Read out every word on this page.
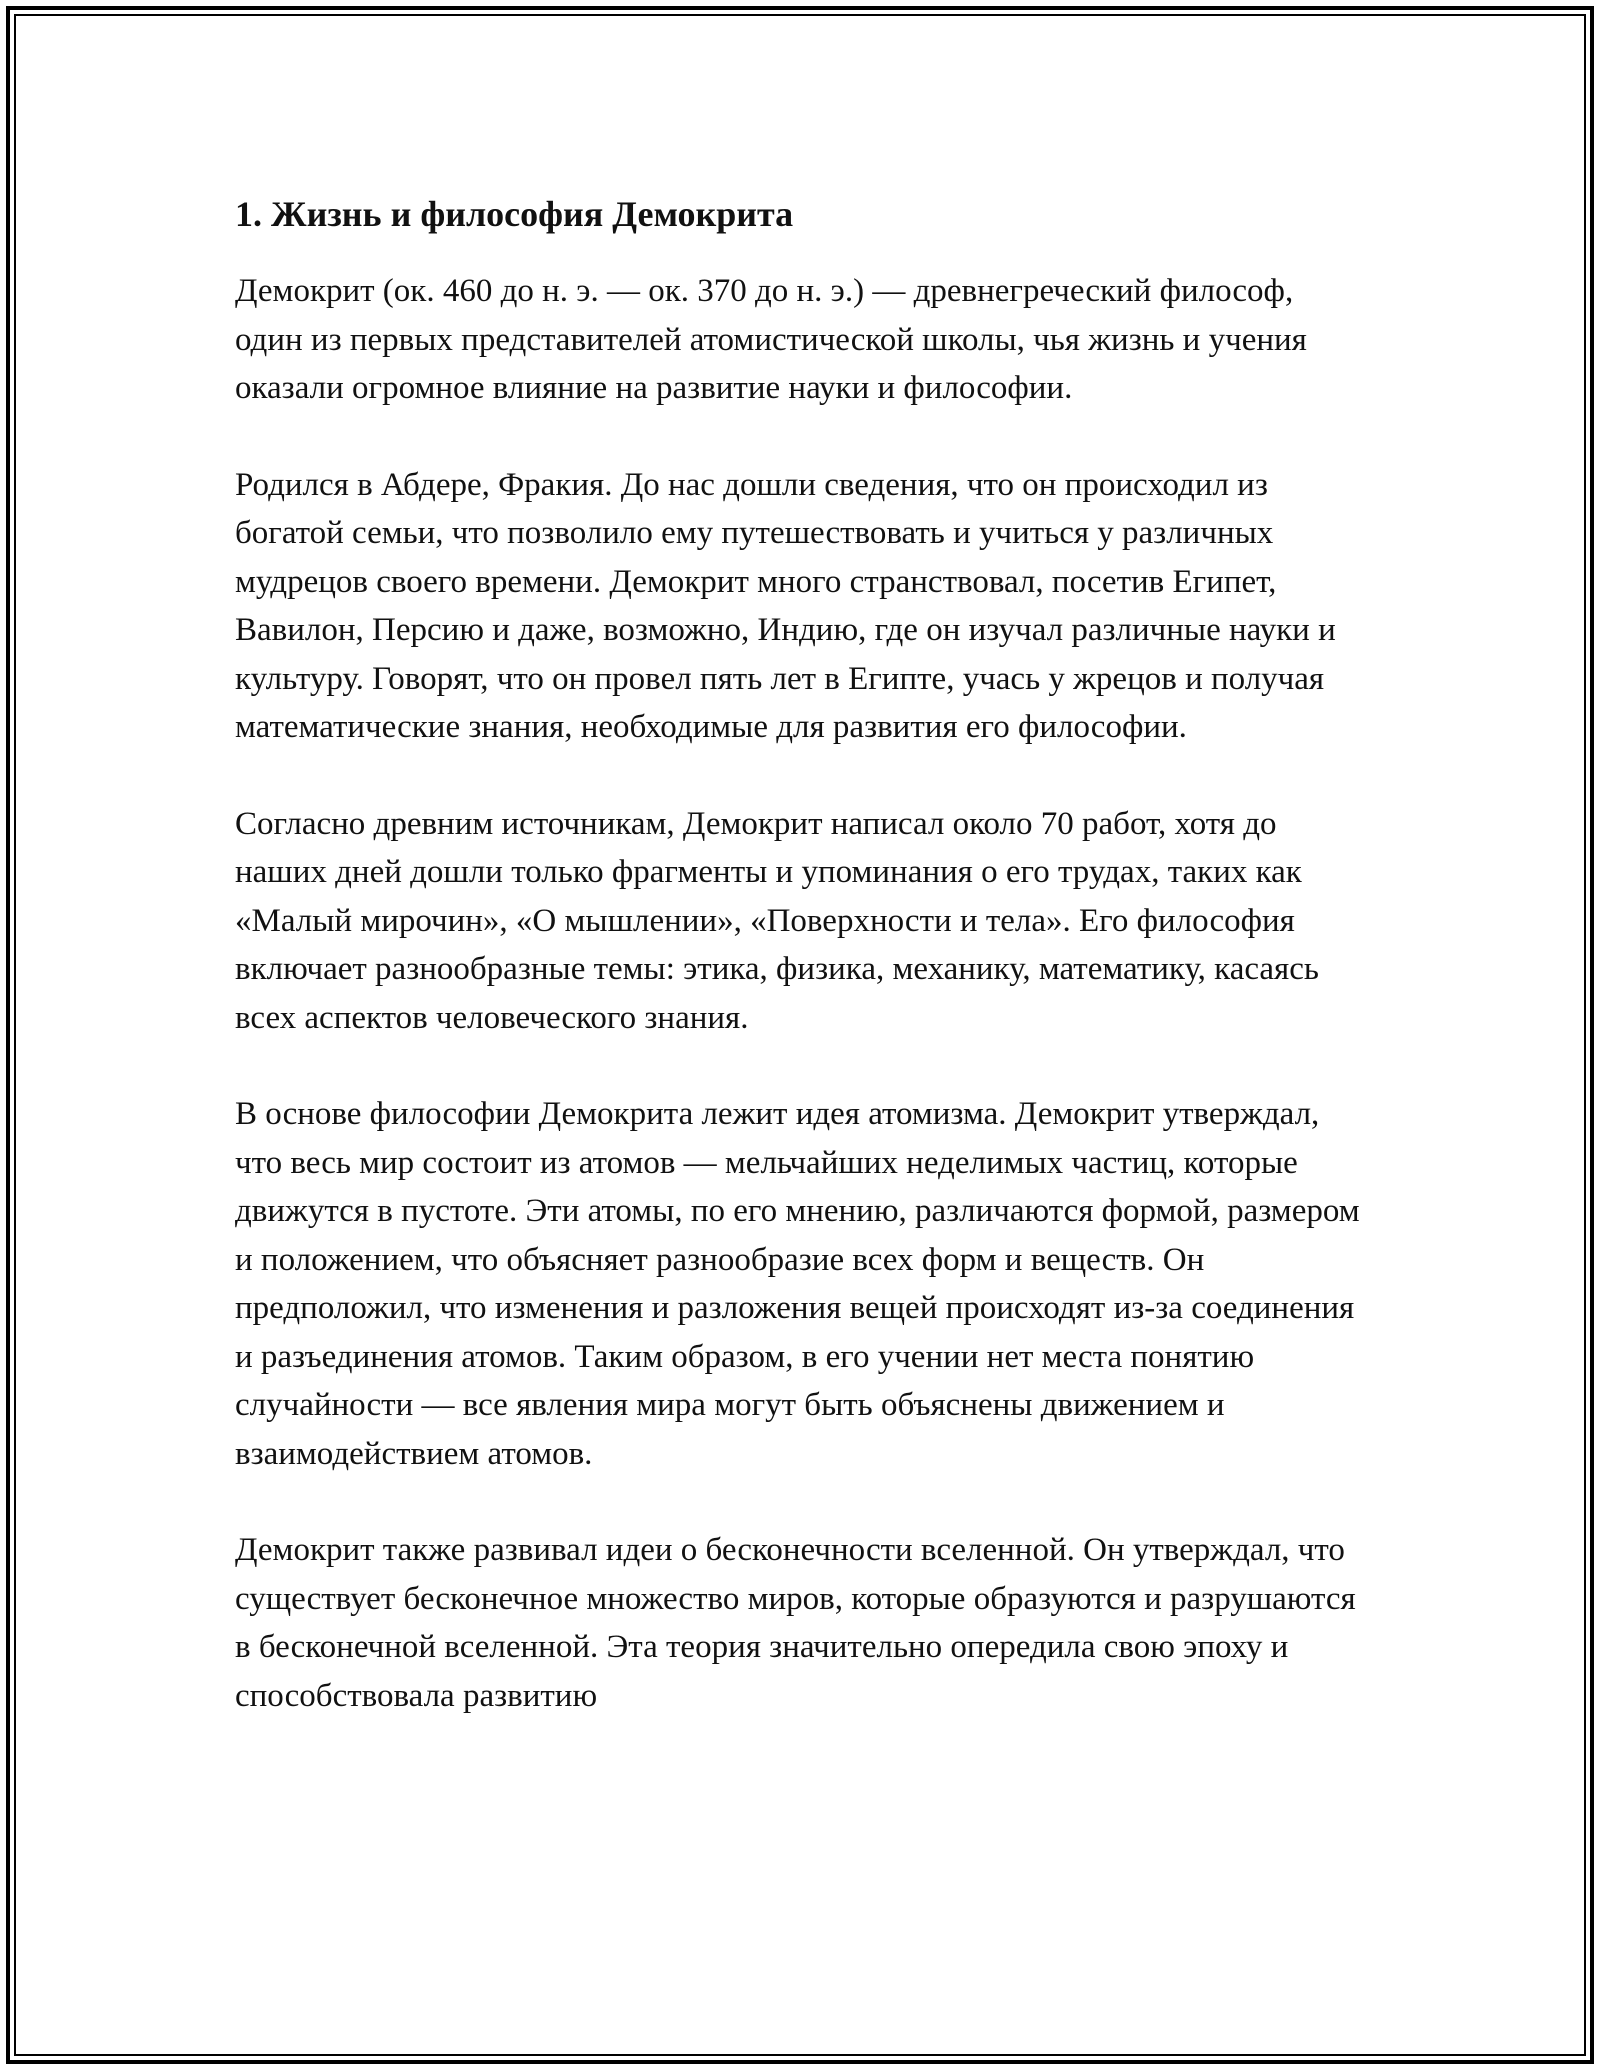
1. Жизнь и философия Демокрита

Демокрит (ок. 460 до н. э. — ок. 370 до н. э.) — древнегреческий философ, один из первых представителей атомистической школы, чья жизнь и учения оказали огромное влияние на развитие науки и философии.

Родился в Абдере, Фракия. До нас дошли сведения, что он происходил из богатой семьи, что позволило ему путешествовать и учиться у различных мудрецов своего времени. Демокрит много странствовал, посетив Египет, Вавилон, Персию и даже, возможно, Индию, где он изучал различные науки и культуру. Говорят, что он провел пять лет в Египте, учась у жрецов и получая математические знания, необходимые для развития его философии.

Согласно древним источникам, Демокрит написал около 70 работ, хотя до наших дней дошли только фрагменты и упоминания о его трудах, таких как «Малый мирочин», «О мышлении», «Поверхности и тела». Его философия включает разнообразные темы: этика, физика, механику, математику, касаясь всех аспектов человеческого знания.

В основе философии Демокрита лежит идея атомизма. Демокрит утверждал, что весь мир состоит из атомов — мельчайших неделимых частиц, которые движутся в пустоте. Эти атомы, по его мнению, различаются формой, размером и положением, что объясняет разнообразие всех форм и веществ. Он предположил, что изменения и разложения вещей происходят из-за соединения и разъединения атомов. Таким образом, в его учении нет места понятию случайности — все явления мира могут быть объяснены движением и взаимодействием атомов.

Демокрит также развивал идеи о бесконечности вселенной. Он утверждал, что существует бесконечное множество миров, которые образуются и разрушаются в бесконечной вселенной. Эта теория значительно опередила свою эпоху и способствовала развитию
